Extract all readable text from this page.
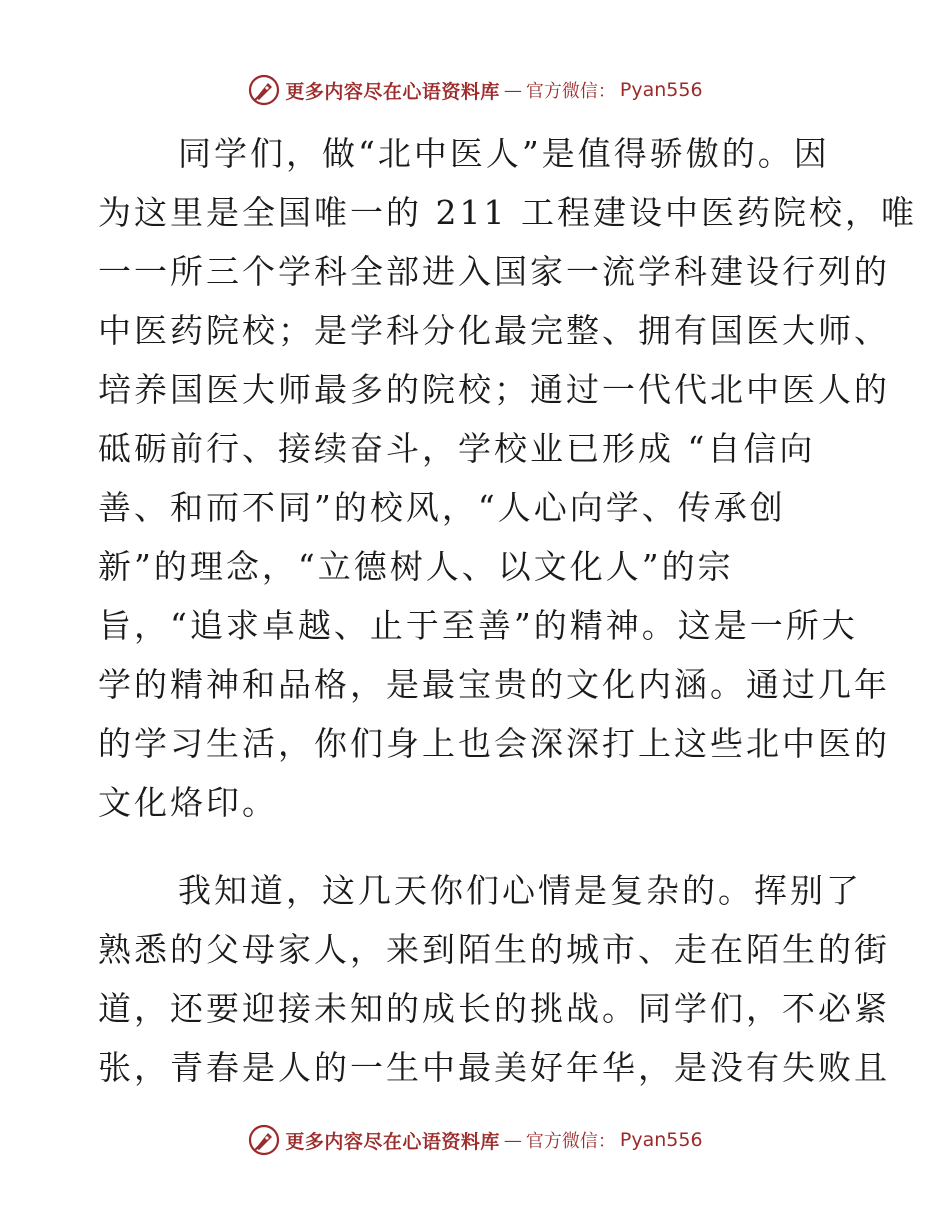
更多内容尽在心语资料库 — 官方微信： Pyan556

同学们，做“北中医人”是值得骄傲的。因
为这里是全国唯一的 211 工程建设中医药院校，唯
一一所三个学科全部进入国家一流学科建设行列的
中医药院校；是学科分化最完整、拥有国医大师、
培养国医大师最多的院校；通过一代代北中医人的
砥砺前行、接续奋斗，学校业已形成 “自信向
善、和而不同”的校风，“人心向学、传承创
新”的理念，“立德树人、以文化人”的宗
旨，“追求卓越、止于至善”的精神。这是一所大
学的精神和品格，是最宝贵的文化内涵。通过几年
的学习生活，你们身上也会深深打上这些北中医的
文化烙印。

我知道，这几天你们心情是复杂的。挥别了
熟悉的父母家人，来到陌生的城市、走在陌生的街
道，还要迎接未知的成长的挑战。同学们，不必紧
张，青春是人的一生中最美好年华，是没有失败且

更多内容尽在心语资料库 — 官方微信： Pyan556
